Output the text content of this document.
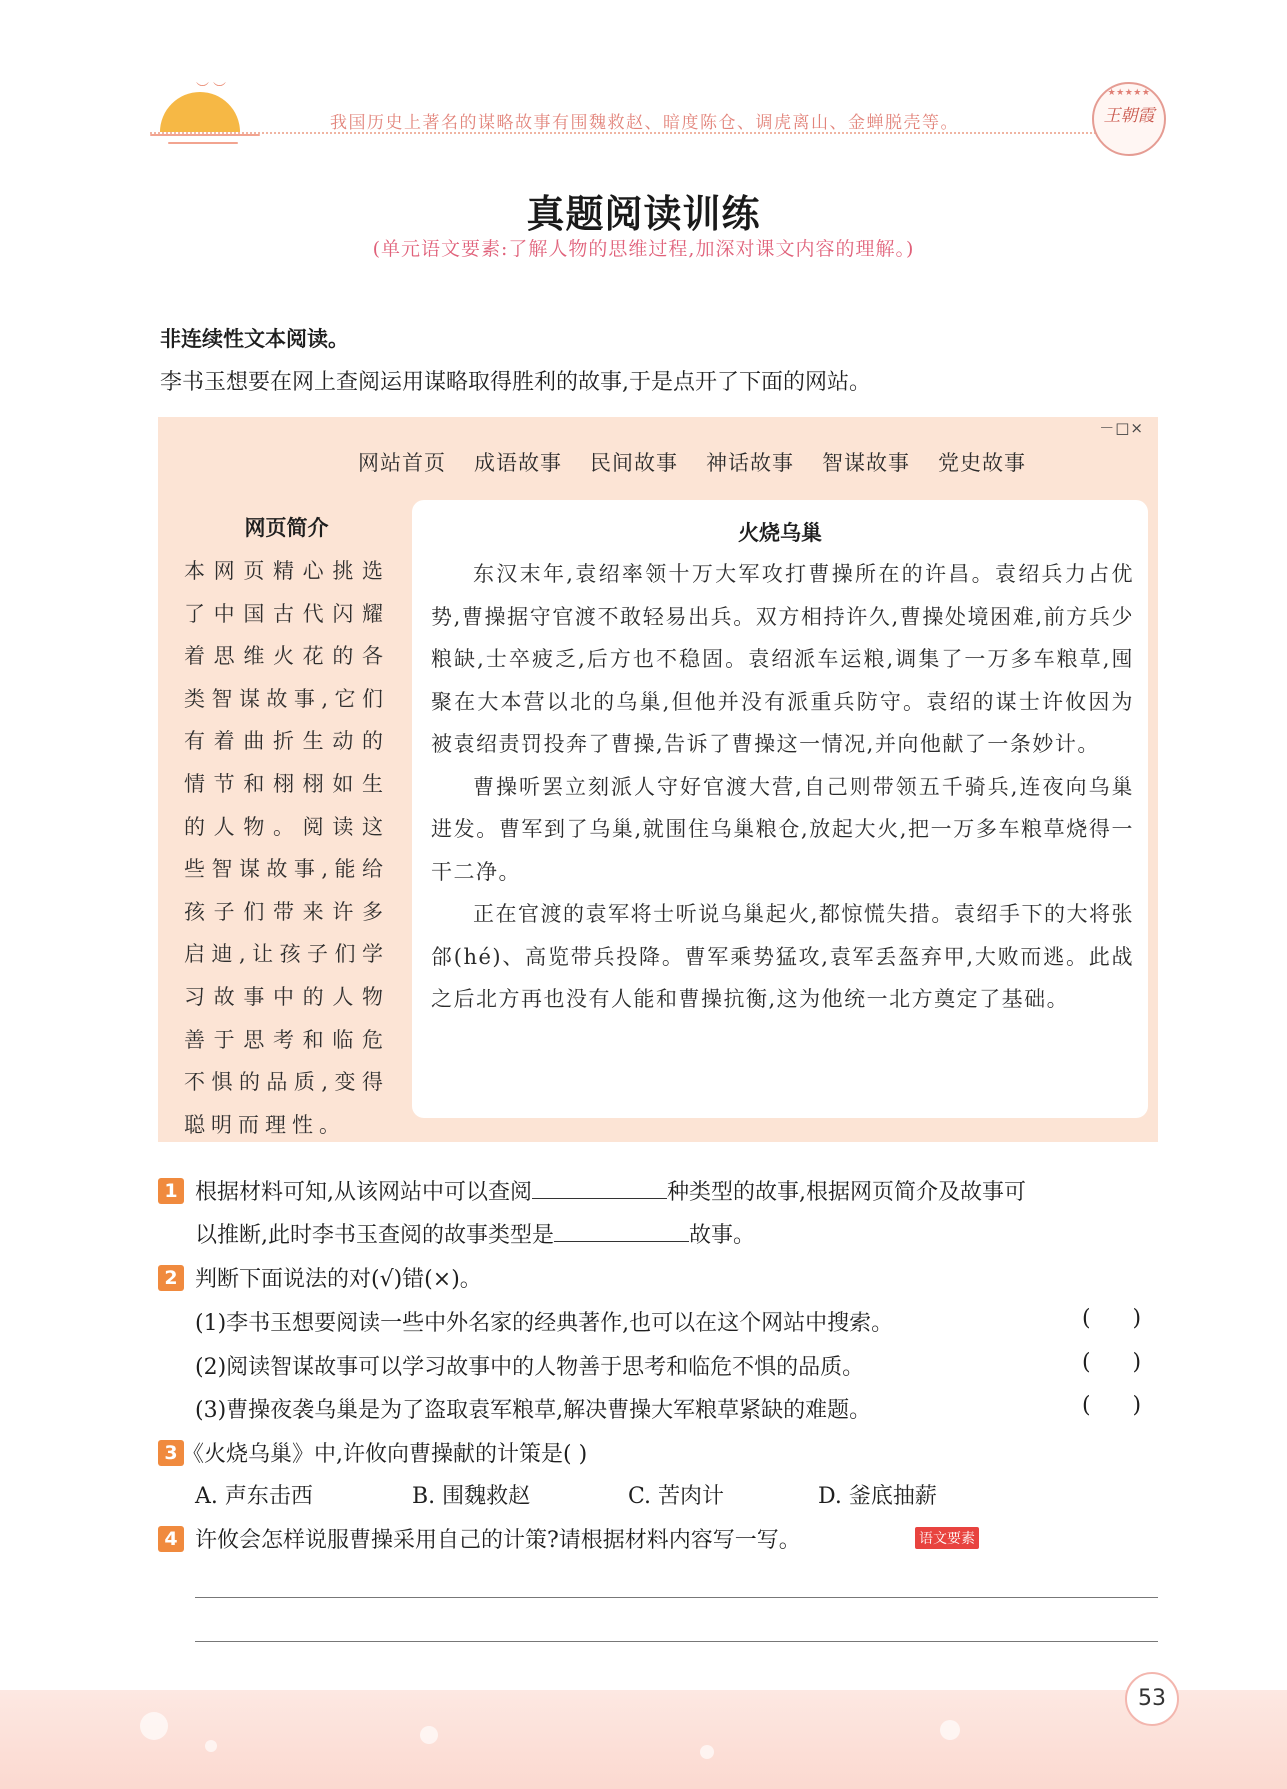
︶︶
我国历史上著名的谋略故事有围魏救赵、暗度陈仓、调虎离山、金蝉脱壳等。
★★★★★
王朝霞
真题阅读训练
(单元语文要素:了解人物的思维过程,加深对课文内容的理解。)
非连续性文本阅读。
李书玉想要在网上查阅运用谋略取得胜利的故事,于是点开了下面的网站。
－□×
网站首页 成语故事 民间故事 神话故事 智谋故事 党史故事
网页简介
本网页精心挑选了中国古代闪耀着思维火花的各类智谋故事,它们有着曲折生动的情节和栩栩如生的人物。阅读这些智谋故事,能给孩子们带来许多启迪,让孩子们学习故事中的人物善于思考和临危不惧的品质,变得聪明而理性。
火烧乌巢
东汉末年,袁绍率领十万大军攻打曹操所在的许昌。袁绍兵力占优势,曹操据守官渡不敢轻易出兵。双方相持许久,曹操处境困难,前方兵少粮缺,士卒疲乏,后方也不稳固。袁绍派车运粮,调集了一万多车粮草,囤聚在大本营以北的乌巢,但他并没有派重兵防守。袁绍的谋士许攸因为被袁绍责罚投奔了曹操,告诉了曹操这一情况,并向他献了一条妙计。
曹操听罢立刻派人守好官渡大营,自己则带领五千骑兵,连夜向乌巢进发。曹军到了乌巢,就围住乌巢粮仓,放起大火,把一万多车粮草烧得一干二净。
正在官渡的袁军将士听说乌巢起火,都惊慌失措。袁绍手下的大将张郃(hé)、高览带兵投降。曹军乘势猛攻,袁军丢盔弃甲,大败而逃。此战之后北方再也没有人能和曹操抗衡,这为他统一北方奠定了基础。
1 根据材料可知,从该网站中可以查阅	种类型的故事,根据网页简介及故事可
以推断,此时李书玉查阅的故事类型是	故事。
2 判断下面说法的对(√)错(×)。
(1)李书玉想要阅读一些中外名家的经典著作,也可以在这个网站中搜索。	(      )
(2)阅读智谋故事可以学习故事中的人物善于思考和临危不惧的品质。	(      )
(3)曹操夜袭乌巢是为了盗取袁军粮草,解决曹操大军粮草紧缺的难题。	(      )
3 《火烧乌巢》中,许攸向曹操献的计策是( )
A. 声东击西	B. 围魏救赵	C. 苦肉计	D. 釜底抽薪
4 许攸会怎样说服曹操采用自己的计策?请根据材料内容写一写。	语文要素
53
